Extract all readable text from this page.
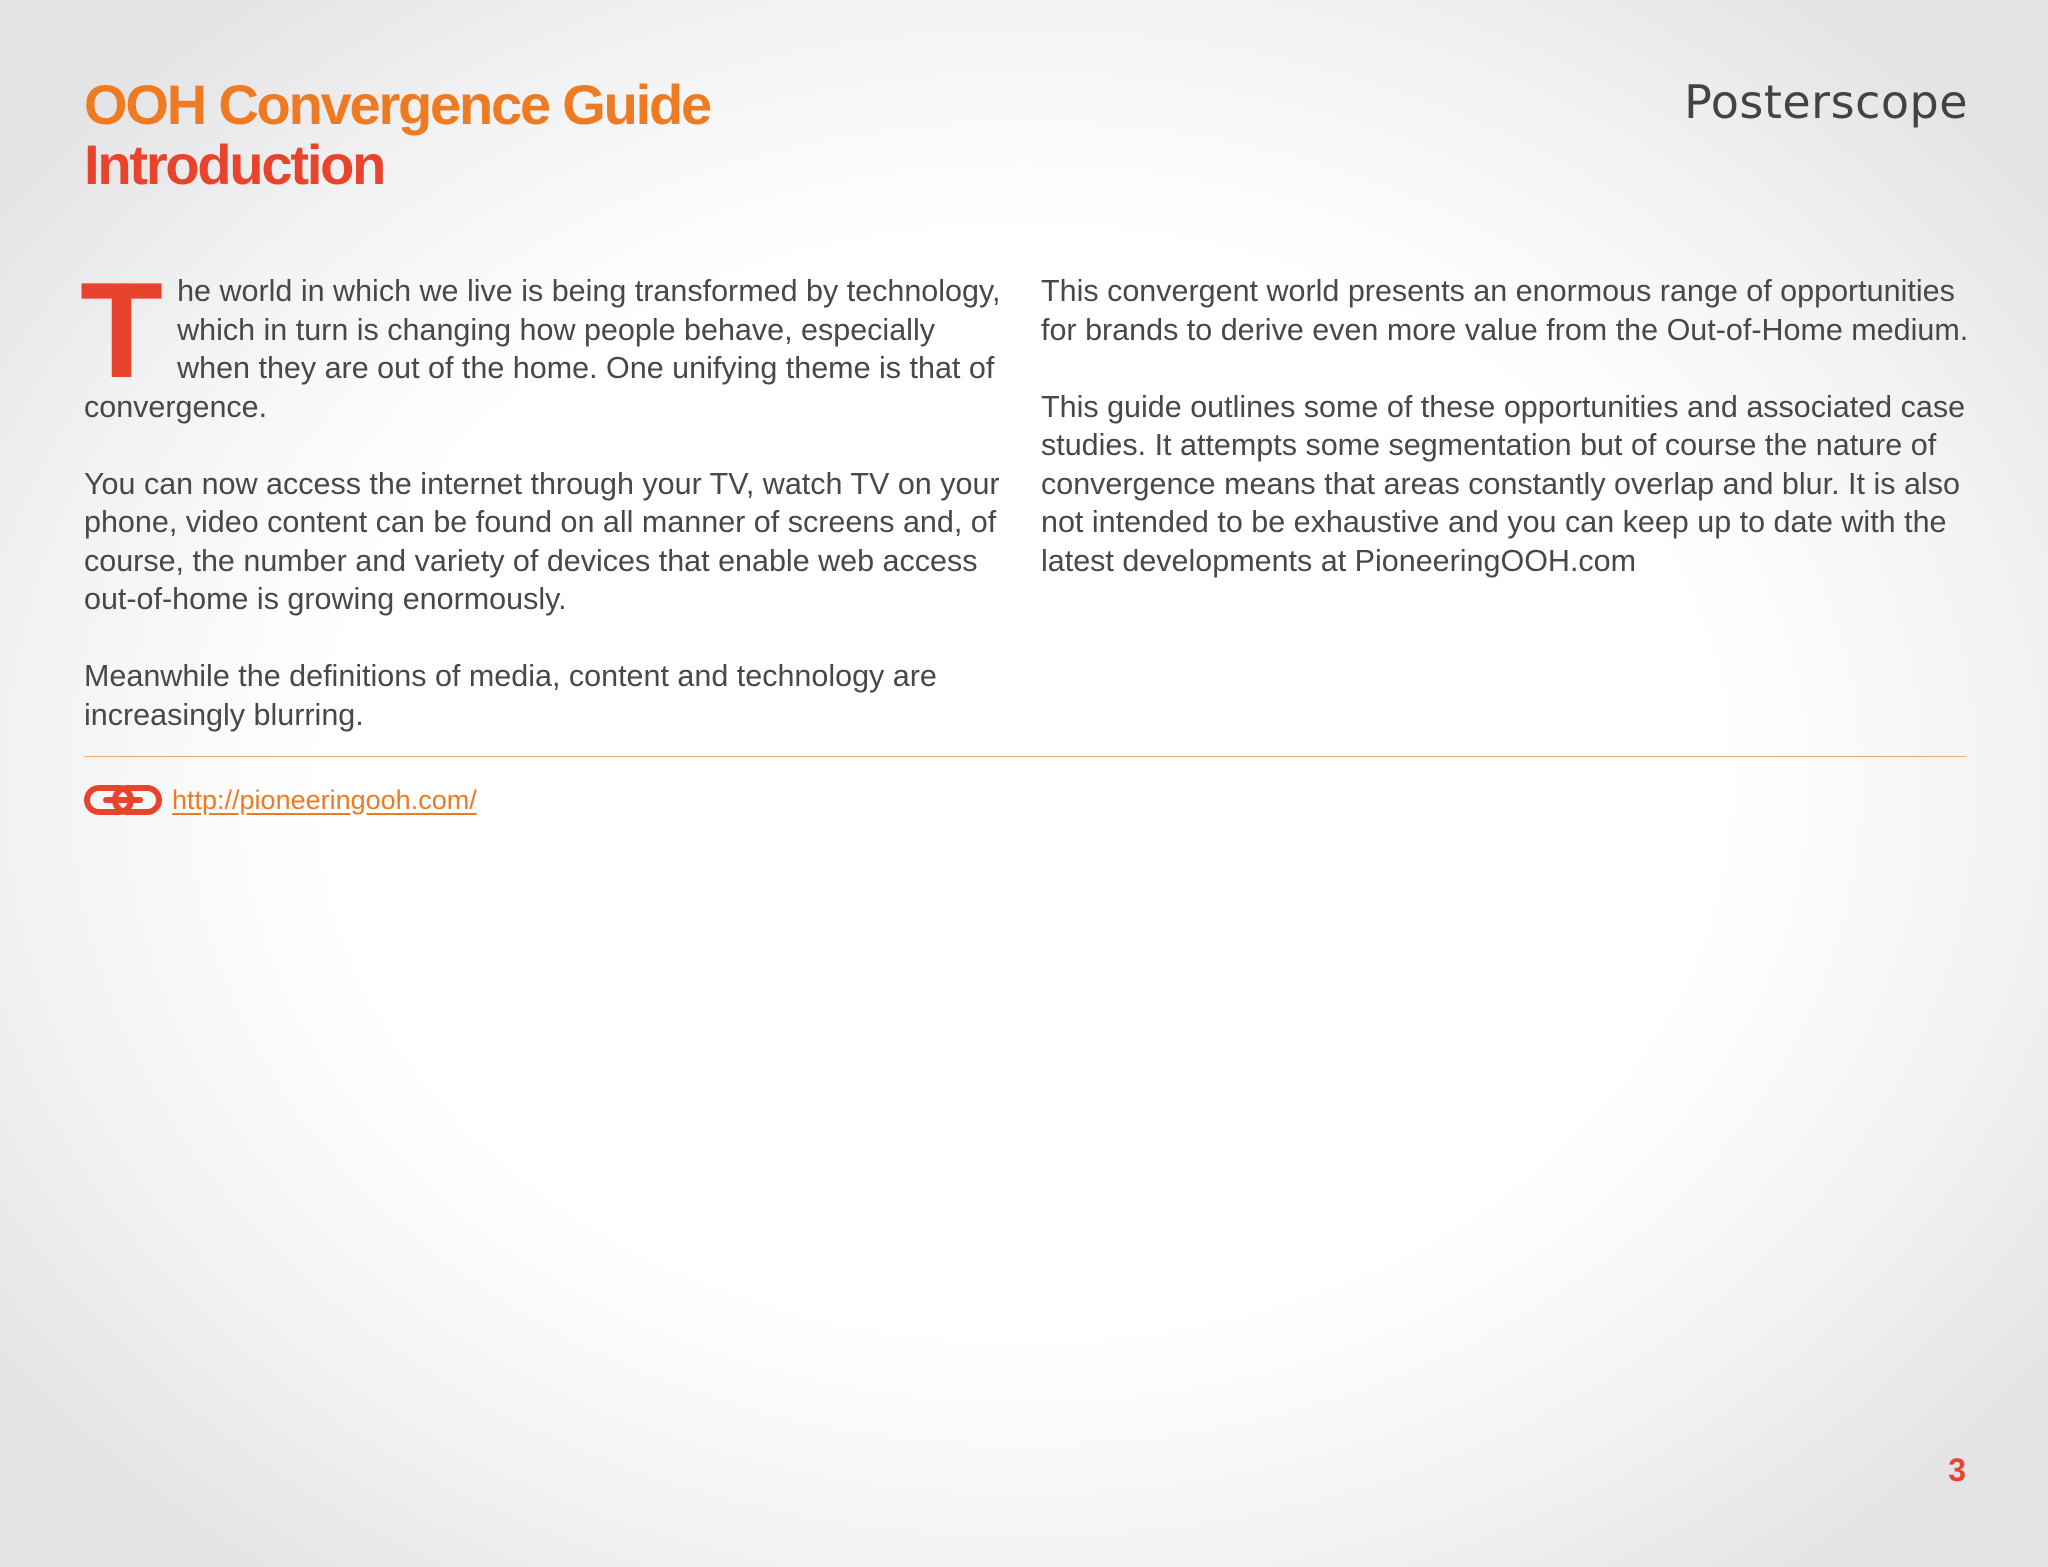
OOH Convergence Guide
Introduction
Posterscope

The world in which we live is being transformed by technology, which in turn is changing how people behave, especially when they are out of the home. One unifying theme is that of convergence.

You can now access the internet through your TV, watch TV on your phone, video content can be found on all manner of screens and, of course, the number and variety of devices that enable web access out-of-home is growing enormously.

Meanwhile the definitions of media, content and technology are increasingly blurring.

This convergent world presents an enormous range of opportunities for brands to derive even more value from the Out-of-Home medium.

This guide outlines some of these opportunities and associated case studies. It attempts some segmentation but of course the nature of convergence means that areas constantly overlap and blur. It is also not intended to be exhaustive and you can keep up to date with the latest developments at PioneeringOOH.com

http://pioneeringooh.com/
3
